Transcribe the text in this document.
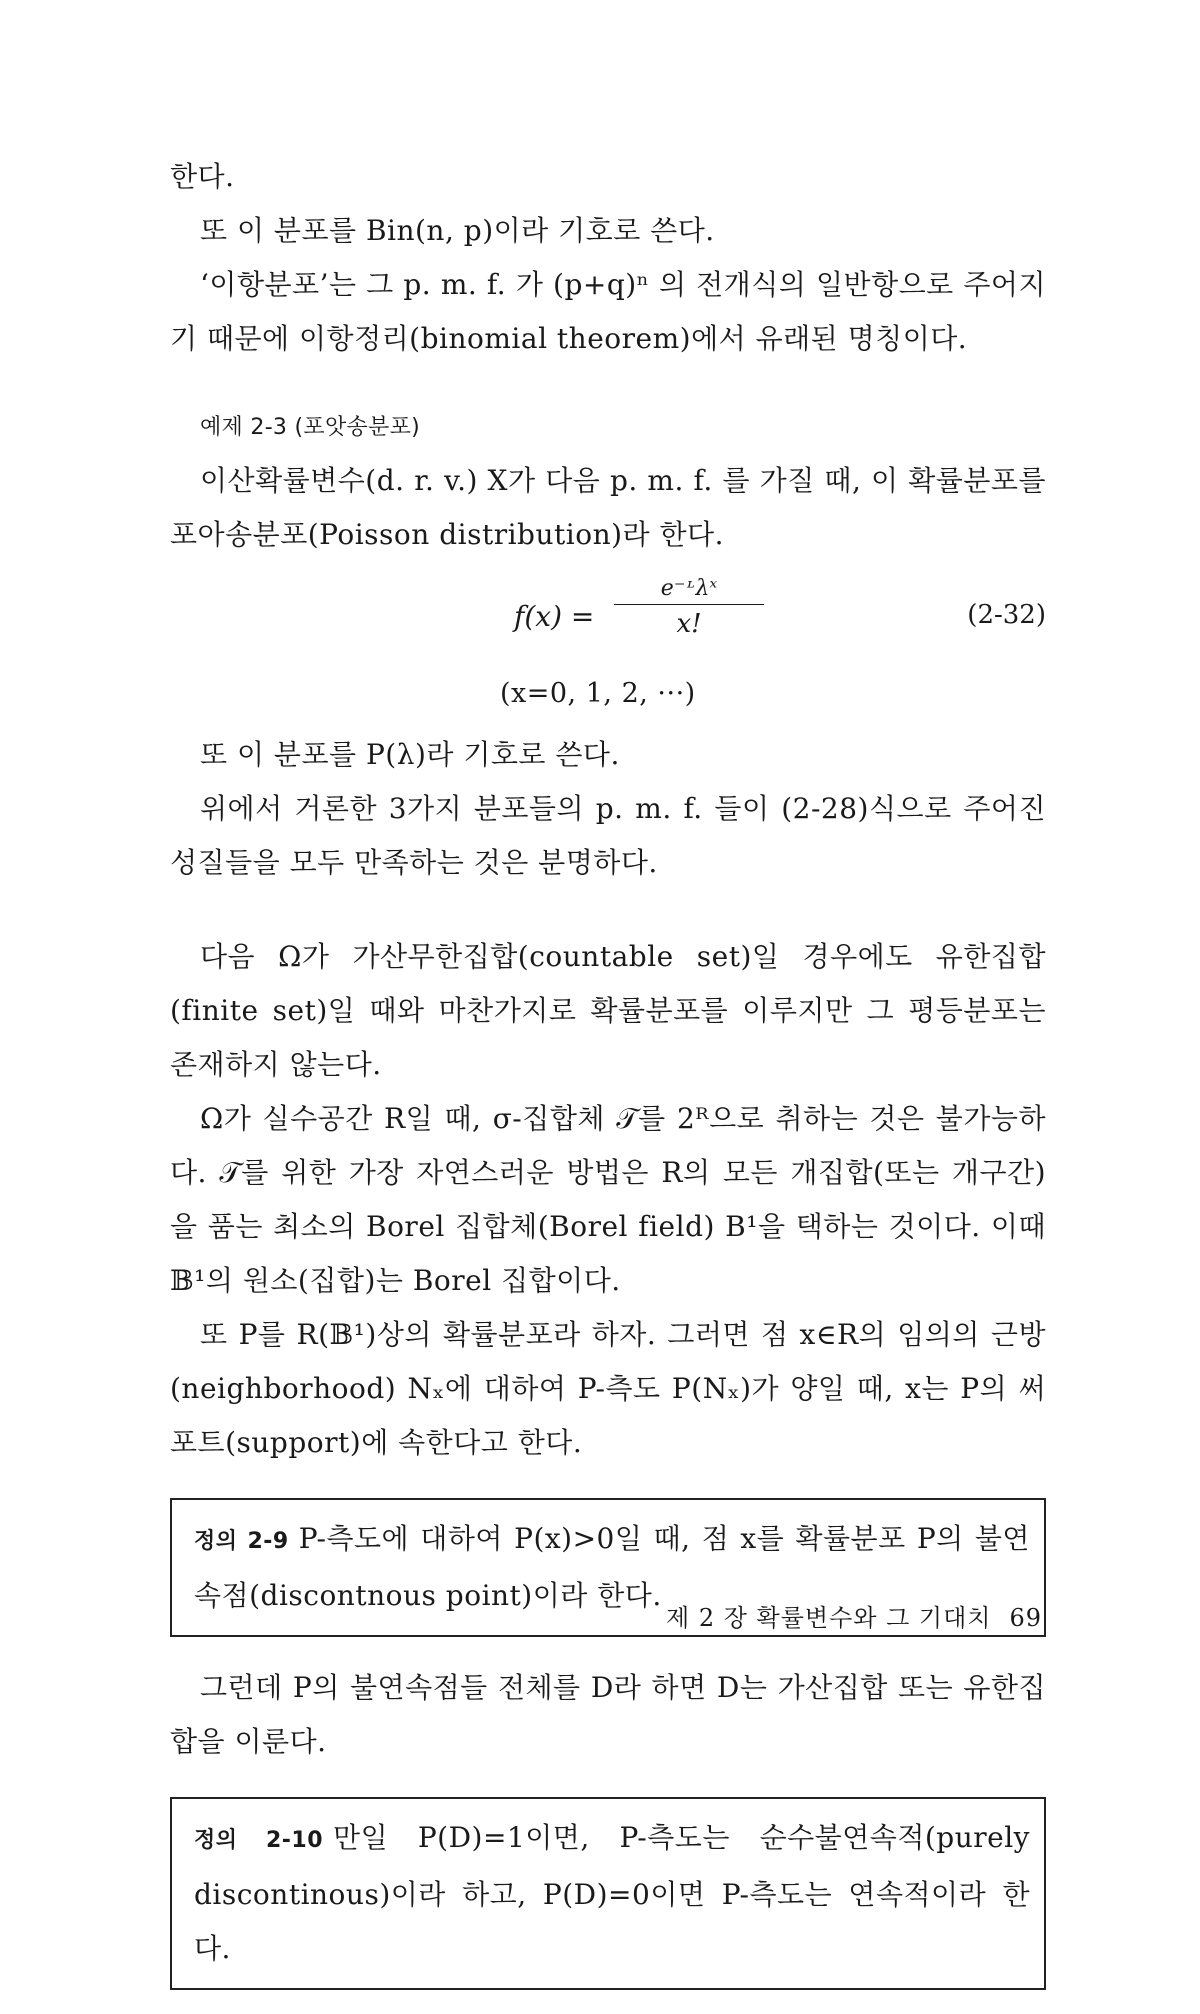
한다.

또 이 분포를 Bin(n, p)이라 기호로 쓴다.

‘이항분포’는 그 p. m. f. 가 (p+q)ⁿ 의 전개식의 일반항으로 주어지기 때문에 이항정리(binomial theorem)에서 유래된 명칭이다.

예제 2-3 (포앗송분포)

이산확률변수(d. r. v.) X가 다음 p. m. f. 를 가질 때, 이 확률분포를 포아송분포(Poisson distribution)라 한다.

f(x) =
e⁻ᶫλˣ
x!	(2-32)

(x=0, 1, 2, ···)

또 이 분포를 P(λ)라 기호로 쓴다.

위에서 거론한 3가지 분포들의 p. m. f. 들이 (2-28)식으로 주어진 성질들을 모두 만족하는 것은 분명하다.

다음 Ω가 가산무한집합(countable set)일 경우에도 유한집합(finite set)일 때와 마찬가지로 확률분포를 이루지만 그 평등분포는 존재하지 않는다.

Ω가 실수공간 R일 때, σ-집합체 𝒯를 2ᴿ으로 취하는 것은 불가능하다. 𝒯를 위한 가장 자연스러운 방법은 R의 모든 개집합(또는 개구간)을 품는 최소의 Borel 집합체(Borel field) B¹을 택하는 것이다. 이때 𝔹¹의 원소(집합)는 Borel 집합이다.

또 P를 R(𝔹¹)상의 확률분포라 하자. 그러면 점 x∈R의 임의의 근방(neighborhood) Nₓ에 대하여 P-측도 P(Nₓ)가 양일 때, x는 P의 써포트(support)에 속한다고 한다.

정의 2-9 P-측도에 대하여 P(x)>0일 때, 점 x를 확률분포 P의 불연속점(discontnous point)이라 한다.

그런데 P의 불연속점들 전체를 D라 하면 D는 가산집합 또는 유한집합을 이룬다.

정의 2-10 만일 P(D)=1이면, P-측도는 순수불연속적(purely discontinous)이라 하고, P(D)=0이면 P-측도는 연속적이라 한다.

제 2 장 확률변수와 그 기대치 69
